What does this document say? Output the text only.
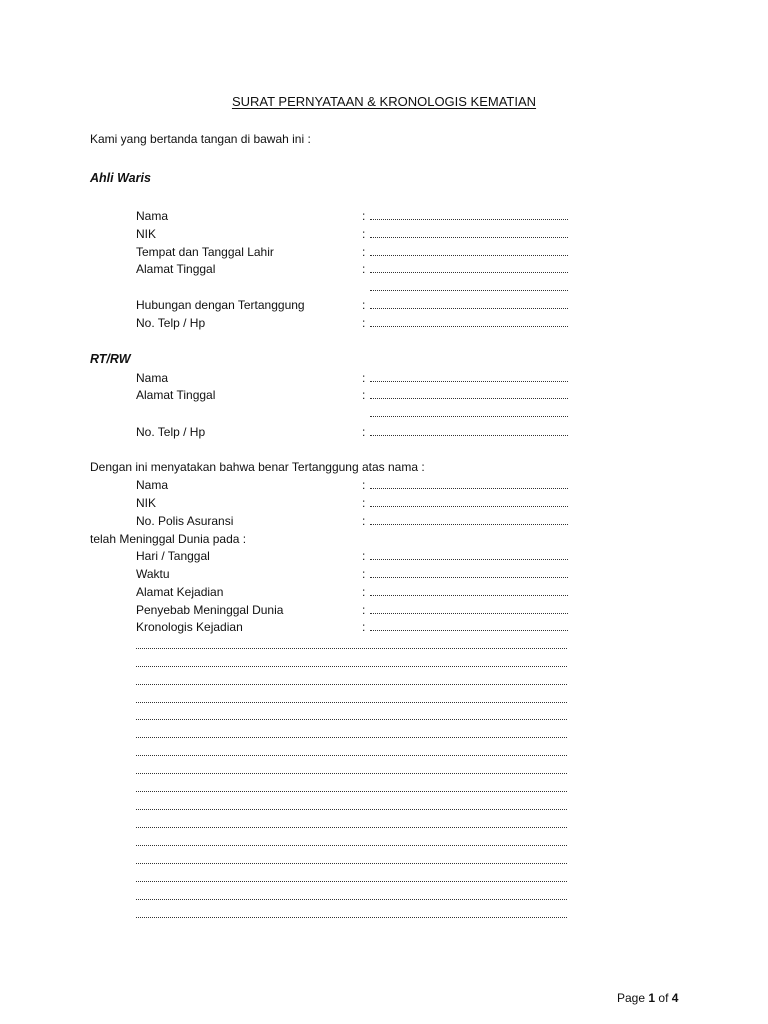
SURAT PERNYATAAN & KRONOLOGIS KEMATIAN
Kami yang bertanda tangan di bawah ini :
Ahli Waris
Nama	:
NIK	:
Tempat dan Tanggal Lahir	:
Alamat Tinggal	:
Hubungan dengan Tertanggung	:
No. Telp / Hp	:
RT/RW
Nama	:
Alamat Tinggal	:
No. Telp / Hp	:
Dengan ini menyatakan bahwa benar Tertanggung atas nama :
Nama	:
NIK	:
No. Polis Asuransi	:
telah Meninggal Dunia pada :
Hari / Tanggal	:
Waktu	:
Alamat Kejadian	:
Penyebab Meninggal Dunia	:
Kronologis Kejadian	:
Page 1 of 4
